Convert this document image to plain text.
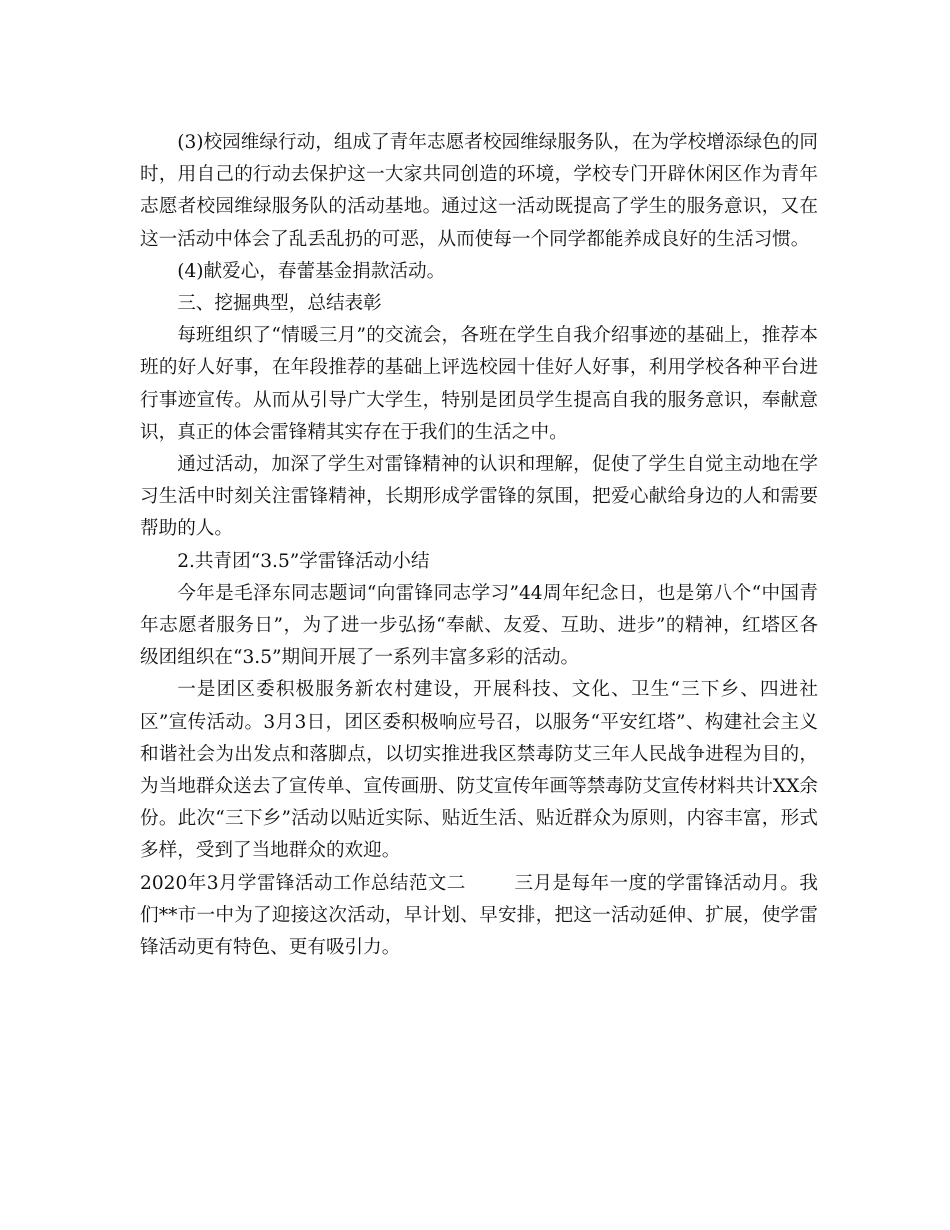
(3)校园维绿行动，组成了青年志愿者校园维绿服务队，在为学校增添绿色的同时，用自己的行动去保护这一大家共同创造的环境，学校专门开辟休闲区作为青年志愿者校园维绿服务队的活动基地。通过这一活动既提高了学生的服务意识，又在这一活动中体会了乱丢乱扔的可恶，从而使每一个同学都能养成良好的生活习惯。

(4)献爱心，春蕾基金捐款活动。

三、挖掘典型，总结表彰

每班组织了“情暖三月”的交流会，各班在学生自我介绍事迹的基础上，推荐本班的好人好事，在年段推荐的基础上评选校园十佳好人好事，利用学校各种平台进行事迹宣传。从而从引导广大学生，特别是团员学生提高自我的服务意识，奉献意识，真正的体会雷锋精其实存在于我们的生活之中。

通过活动，加深了学生对雷锋精神的认识和理解，促使了学生自觉主动地在学习生活中时刻关注雷锋精神，长期形成学雷锋的氛围，把爱心献给身边的人和需要帮助的人。

2.共青团“3.5”学雷锋活动小结

今年是毛泽东同志题词“向雷锋同志学习”44周年纪念日，也是第八个“中国青年志愿者服务日”，为了进一步弘扬“奉献、友爱、互助、进步”的精神，红塔区各级团组织在“3.5”期间开展了一系列丰富多彩的活动。

一是团区委积极服务新农村建设，开展科技、文化、卫生“三下乡、四进社区”宣传活动。3月3日，团区委积极响应号召，以服务“平安红塔”、构建社会主义和谐社会为出发点和落脚点，以切实推进我区禁毒防艾三年人民战争进程为目的，为当地群众送去了宣传单、宣传画册、防艾宣传年画等禁毒防艾宣传材料共计XX余份。此次“三下乡”活动以贴近实际、贴近生活、贴近群众为原则，内容丰富，形式多样，受到了当地群众的欢迎。

2020年3月学雷锋活动工作总结范文二	三月是每年一度的学雷锋活动月。我们**市一中为了迎接这次活动，早计划、早安排，把这一活动延伸、扩展，使学雷锋活动更有特色、更有吸引力。
